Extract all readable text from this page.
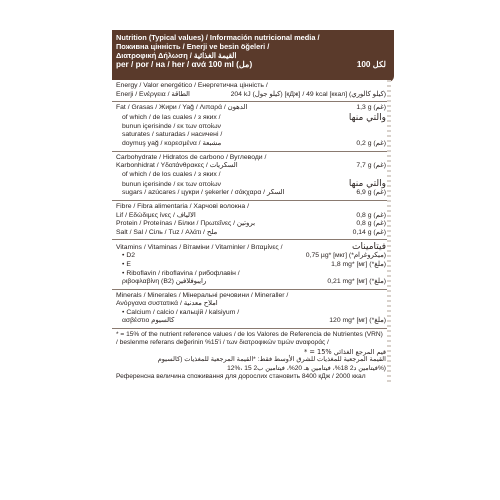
Nutrition (Typical values) / Información nutricional media /
Поживна цінність / Enerji ve besin öğeleri /
Διατροφική Δήλωση / القيمة الغذائية
per / por / на / her / ανά 100 ml (مل)	لكل 100
Energy / Valor energético / Енергетична цінність /
Enerji / Ενέργεια / الطاقة	204 kJ (كيلو جول) [кДж] / 49 kcal [ккал] (كيلو كالوري)
Fat / Grasas / Жири / Yağ / Λιπαρά / الدهون	1,3 g (غم)
of which / de las cuales / з яких /	والتي منها
bunun içerisinde / εκ των οποίων
saturates / saturadas / насичені /
doymuş yağ / κορεσμένα / مشبعة	0,2 g (غم)
Carbohydrate / Hidratos de carbono / Вуглеводи /
Karbonhidrat / Υδατάνθρακες / السكريات	7,7 g (غم)
of which / de los cuales / з яких /
bunun içerisinde / εκ των οποίων	والتي منها
sugars / azúcares / цукри / şekerler / σάκχαρα / السكر	6,9 g (غم)
Fibre / Fibra alimentaria / Харчові волокна /
Lif / Εδώδιμες ίνες / الألياف	0,8 g (غم)
Protein / Proteínas / Білки / Πρωτεΐνες / بروتين	0,8 g (غم)
Salt / Sal / Сіль / Tuz / Αλάτι / ملح	0,14 g (غم)
Vitamins / Vitaminas / Вітаміни / Vitaminler / Βιταμίνες /	فيتامينات
• D2	0,75 µg* [мкг] (*ميكروغرام)
• E	1,8 mg* [мг] (*ملغ)
• Riboflavin / riboflavina / рибофлавін /
ριβοφλαβίνη (B2) رايبوفلافين	0,21 mg* [мг] (*ملغ)
Minerals / Minerales / Мінеральні речовини / Mineraller /
Ανόργανα συστατικά / أملاح معدنية
• Calcium / calcio / кальцій / kalsiyum /
ασβέστιο كالسيوم	120 mg* [мг] (*ملغ)
* = 15% of the nutrient reference values / de los Valores de Referencia de Nutrientes (VRN)
/ beslenme referans değerinin %15'i / των διατροφικών τιμών αναφοράς /
* = 15% قيم المرجع الغذائي
القيمة المرجعية للمغذيات للشرق الأوسط فقط: *القيمة المرجعية للمغذيات (كالسيوم
12%، فيتامين د2 18%، فيتامين هـ 20%، فيتامين ب2 15%)
Референсна величина споживання для дорослих становить 8400 кДж / 2000 ккал
